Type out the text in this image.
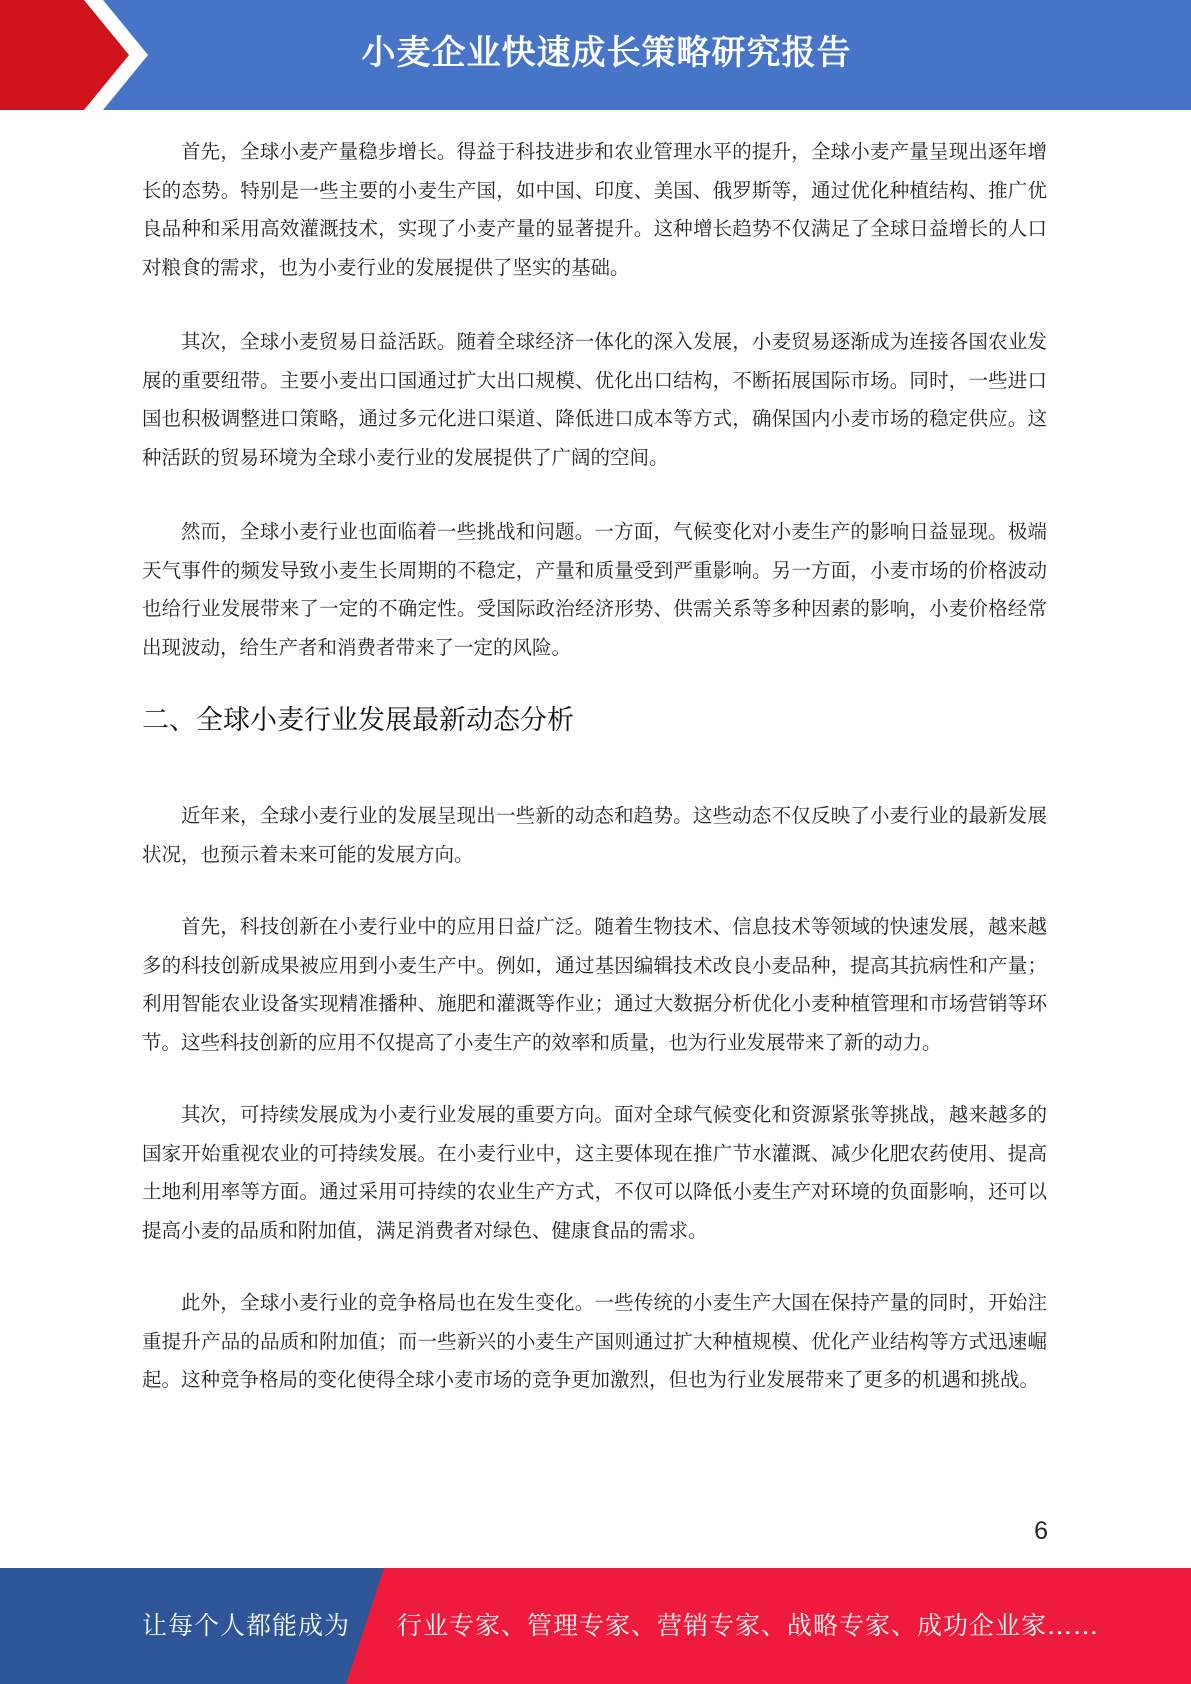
小麦企业快速成长策略研究报告

首先，全球小麦产量稳步增长。得益于科技进步和农业管理水平的提升，全球小麦产量呈现出逐年增长的态势。特别是一些主要的小麦生产国，如中国、印度、美国、俄罗斯等，通过优化种植结构、推广优良品种和采用高效灌溉技术，实现了小麦产量的显著提升。这种增长趋势不仅满足了全球日益增长的人口对粮食的需求，也为小麦行业的发展提供了坚实的基础。

其次，全球小麦贸易日益活跃。随着全球经济一体化的深入发展，小麦贸易逐渐成为连接各国农业发展的重要纽带。主要小麦出口国通过扩大出口规模、优化出口结构，不断拓展国际市场。同时，一些进口国也积极调整进口策略，通过多元化进口渠道、降低进口成本等方式，确保国内小麦市场的稳定供应。这种活跃的贸易环境为全球小麦行业的发展提供了广阔的空间。

然而，全球小麦行业也面临着一些挑战和问题。一方面，气候变化对小麦生产的影响日益显现。极端天气事件的频发导致小麦生长周期的不稳定，产量和质量受到严重影响。另一方面，小麦市场的价格波动也给行业发展带来了一定的不确定性。受国际政治经济形势、供需关系等多种因素的影响，小麦价格经常出现波动，给生产者和消费者带来了一定的风险。

二、全球小麦行业发展最新动态分析

近年来，全球小麦行业的发展呈现出一些新的动态和趋势。这些动态不仅反映了小麦行业的最新发展状况，也预示着未来可能的发展方向。

首先，科技创新在小麦行业中的应用日益广泛。随着生物技术、信息技术等领域的快速发展，越来越多的科技创新成果被应用到小麦生产中。例如，通过基因编辑技术改良小麦品种，提高其抗病性和产量；利用智能农业设备实现精准播种、施肥和灌溉等作业；通过大数据分析优化小麦种植管理和市场营销等环节。这些科技创新的应用不仅提高了小麦生产的效率和质量，也为行业发展带来了新的动力。

其次，可持续发展成为小麦行业发展的重要方向。面对全球气候变化和资源紧张等挑战，越来越多的国家开始重视农业的可持续发展。在小麦行业中，这主要体现在推广节水灌溉、减少化肥农药使用、提高土地利用率等方面。通过采用可持续的农业生产方式，不仅可以降低小麦生产对环境的负面影响，还可以提高小麦的品质和附加值，满足消费者对绿色、健康食品的需求。

此外，全球小麦行业的竞争格局也在发生变化。一些传统的小麦生产大国在保持产量的同时，开始注重提升产品的品质和附加值；而一些新兴的小麦生产国则通过扩大种植规模、优化产业结构等方式迅速崛起。这种竞争格局的变化使得全球小麦市场的竞争更加激烈，但也为行业发展带来了更多的机遇和挑战。

6
让每个人都能成为 行业专家、管理专家、营销专家、战略专家、成功企业家……
